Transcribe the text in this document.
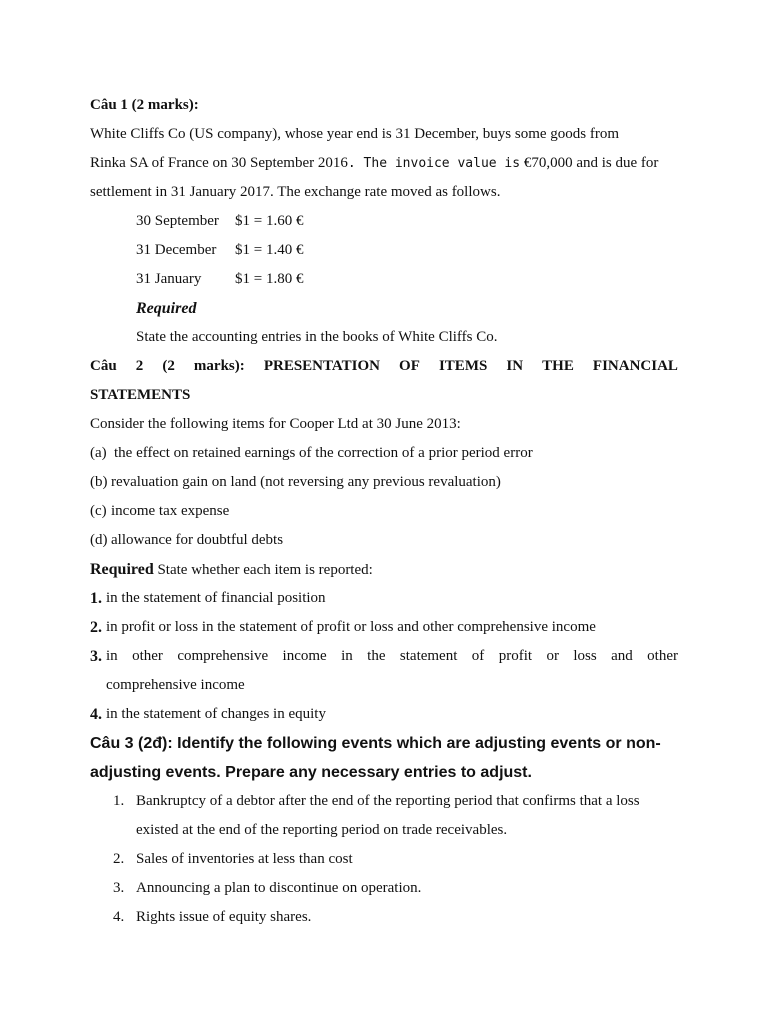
Câu 1 (2 marks):
White Cliffs Co (US company), whose year end is 31 December, buys some goods from
Rinka SA of France on 30 September 2016. The invoice value is €70,000 and is due for
settlement in 31 January 2017. The exchange rate moved as follows.
30 September $1 = 1.60 €
31 December $1 = 1.40 €
31 January $1 = 1.80 €
Required
State the accounting entries in the books of White Cliffs Co.
Câu 2 (2 marks): PRESENTATION OF ITEMS IN THE FINANCIAL
STATEMENTS
Consider the following items for Cooper Ltd at 30 June 2013:
(a) the effect on retained earnings of the correction of a prior period error
(b) revaluation gain on land (not reversing any previous revaluation)
(c) income tax expense
(d) allowance for doubtful debts
Required State whether each item is reported:
1. in the statement of financial position
2. in profit or loss in the statement of profit or loss and other comprehensive income
3. in other comprehensive income in the statement of profit or loss and other
comprehensive income
4. in the statement of changes in equity
Câu 3 (2đ): Identify the following events which are adjusting events or non-
adjusting events. Prepare any necessary entries to adjust.
1. Bankruptcy of a debtor after the end of the reporting period that confirms that a loss
existed at the end of the reporting period on trade receivables.
2. Sales of inventories at less than cost
3. Announcing a plan to discontinue on operation.
4. Rights issue of equity shares.
